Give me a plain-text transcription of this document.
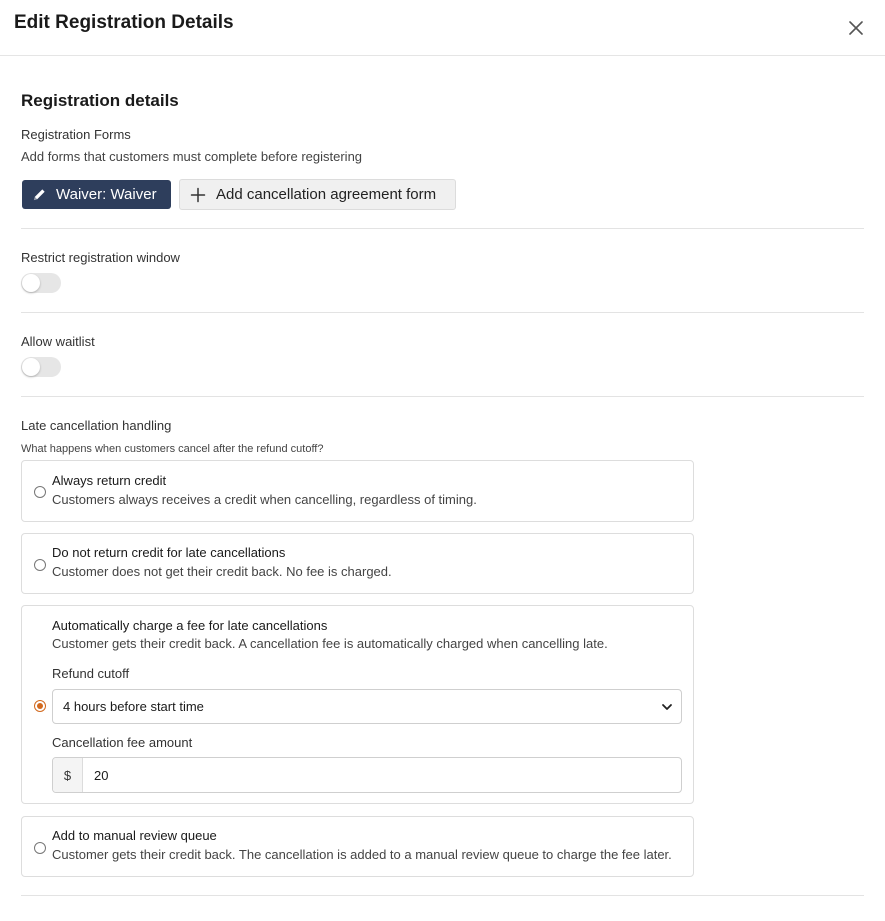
Edit Registration Details
Registration details
Registration Forms
Add forms that customers must complete before registering
Waiver: Waiver	Add cancellation agreement form
Restrict registration window
Allow waitlist
Late cancellation handling
What happens when customers cancel after the refund cutoff?
Always return credit
Customers always receives a credit when cancelling, regardless of timing.
Do not return credit for late cancellations
Customer does not get their credit back. No fee is charged.
Automatically charge a fee for late cancellations
Customer gets their credit back. A cancellation fee is automatically charged when cancelling late.
Refund cutoff
4 hours before start time
Cancellation fee amount
$
20
Add to manual review queue
Customer gets their credit back. The cancellation is added to a manual review queue to charge the fee later.
